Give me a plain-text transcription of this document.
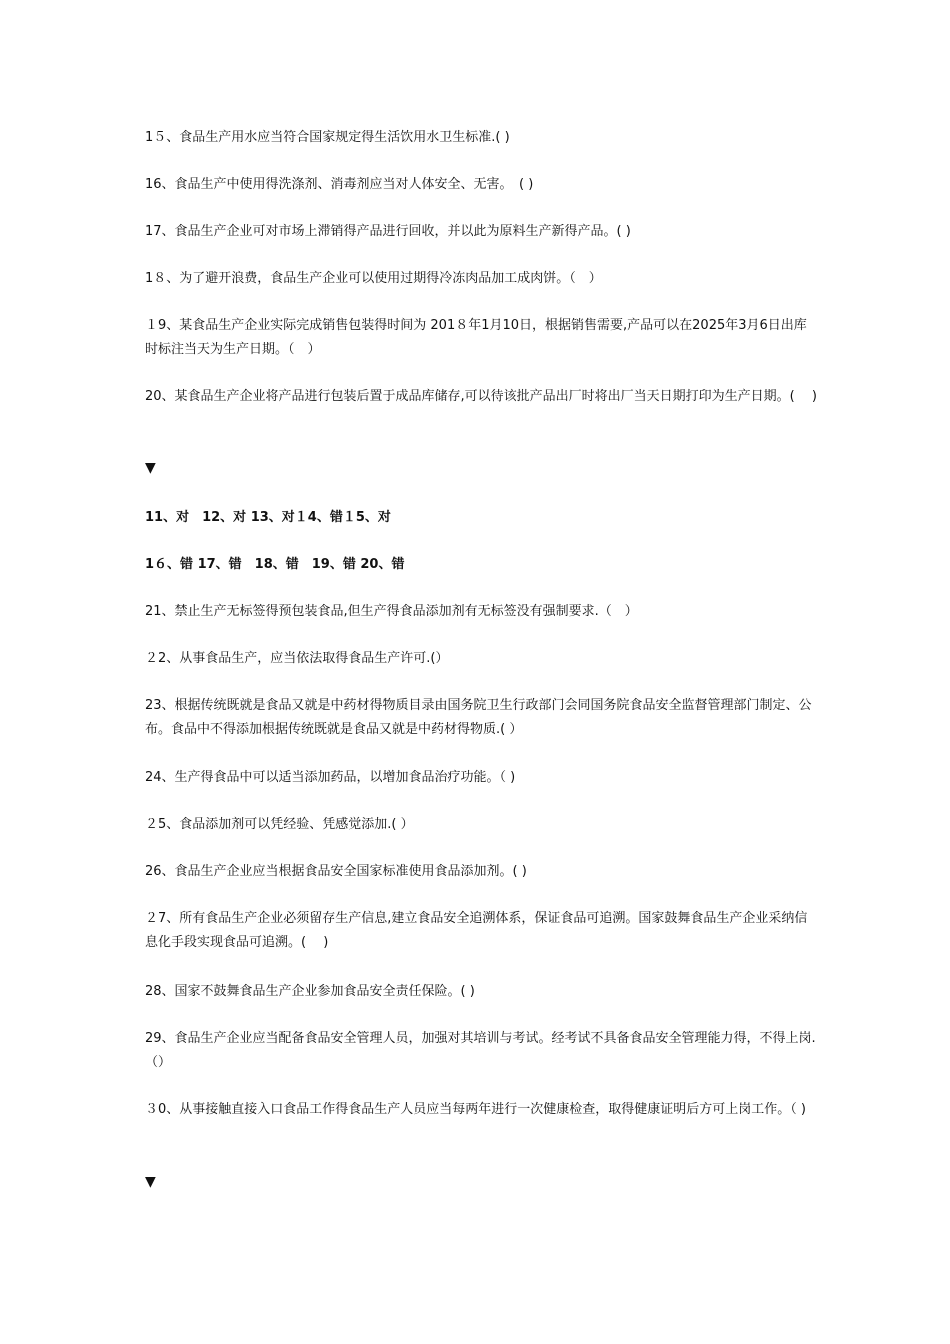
1５、食品生产用水应当符合国家规定得生活饮用水卫生标准.( )
16、食品生产中使用得洗涤剂、消毒剂应当对人体安全、无害。　( )
17、食品生产企业可对市场上滞销得产品进行回收，并以此为原料生产新得产品。( )
1８、为了避开浪费，食品生产企业可以使用过期得冷冻肉品加工成肉饼。（　）
１9、某食品生产企业实际完成销售包装得时间为 201８年1月10日，根据销售需要,产品可以在2025年3月6日出库时标注当天为生产日期。（　）
20、某食品生产企业将产品进行包装后置于成品库储存,可以待该批产品出厂时将出厂当天日期打印为生产日期。( 　)
▼
11、对　12、对 13、对１4、错１5、对
1６、错 17、错　18、错　19、错 20、错
21、禁止生产无标签得预包装食品,但生产得食品添加剂有无标签没有强制要求.（　）
２2、从事食品生产，应当依法取得食品生产许可.(）
23、根据传统既就是食品又就是中药材得物质目录由国务院卫生行政部门会同国务院食品安全监督管理部门制定、公布。食品中不得添加根据传统既就是食品又就是中药材得物质.( ）
24、生产得食品中可以适当添加药品，以增加食品治疗功能。（ )
２5、食品添加剂可以凭经验、凭感觉添加.( ）
26、食品生产企业应当根据食品安全国家标准使用食品添加剂。( )
２7、所有食品生产企业必须留存生产信息,建立食品安全追溯体系，保证食品可追溯。国家鼓舞食品生产企业采纳信息化手段实现食品可追溯。( 　)
28、国家不鼓舞食品生产企业参加食品安全责任保险。( )
29、食品生产企业应当配备食品安全管理人员，加强对其培训与考试。经考试不具备食品安全管理能力得，不得上岗.（）
３0、从事接触直接入口食品工作得食品生产人员应当每两年进行一次健康检查，取得健康证明后方可上岗工作。（ )
▼
